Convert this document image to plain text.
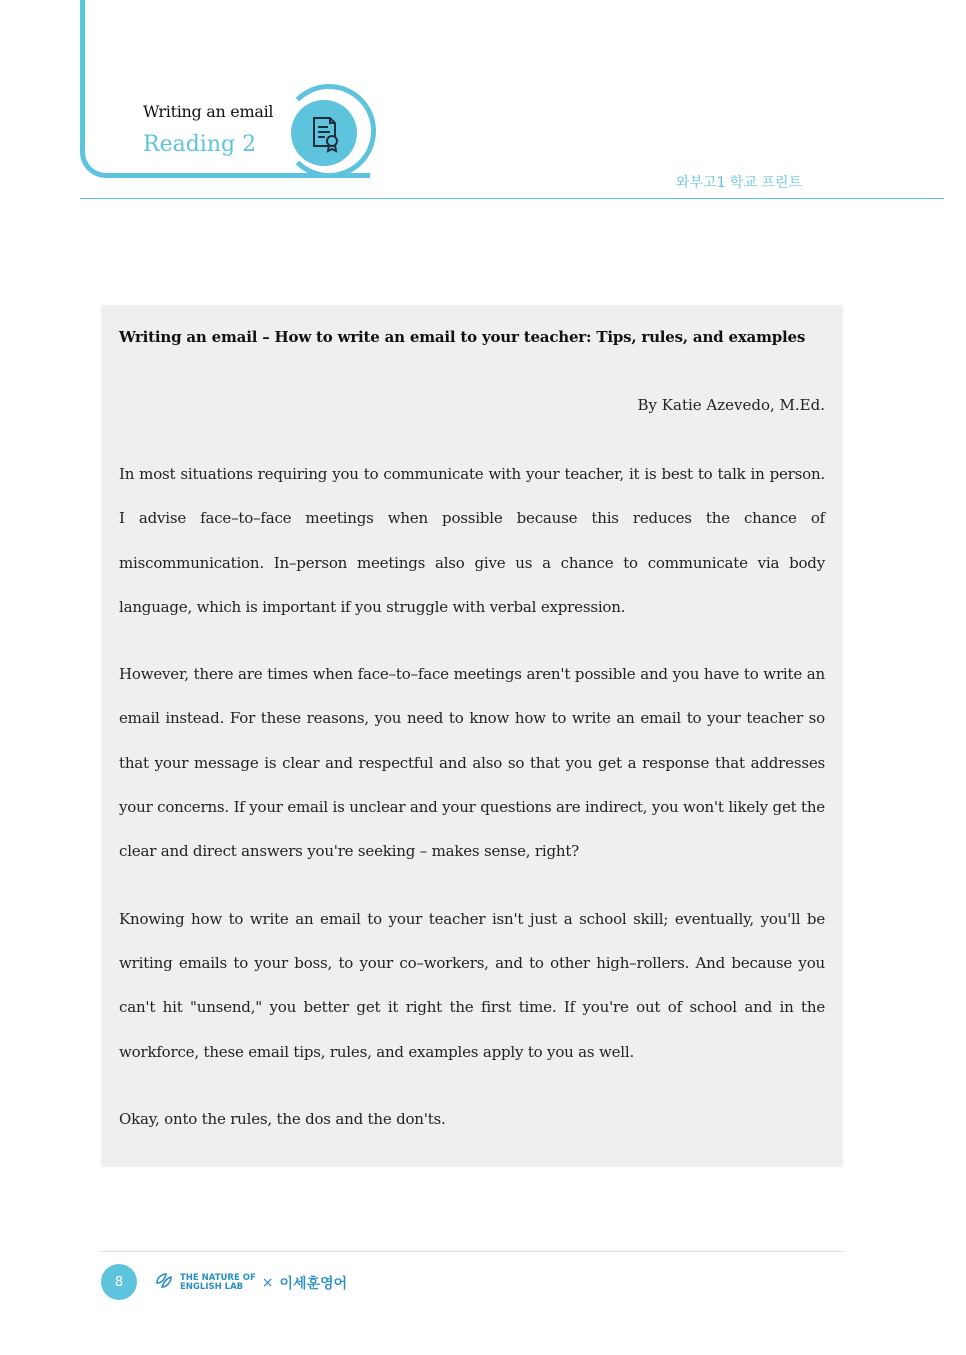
Writing an email
Reading 2
와부고1 학교 프린트

Writing an email – How to write an email to your teacher: Tips, rules, and examples

By Katie Azevedo, M.Ed.

In most situations requiring you to communicate with your teacher, it is best to talk in person. I advise face–to–face meetings when possible because this reduces the chance of miscommunication. In–person meetings also give us a chance to communicate via body language, which is important if you struggle with verbal expression.

However, there are times when face–to–face meetings aren't possible and you have to write an email instead. For these reasons, you need to know how to write an email to your teacher so that your message is clear and respectful and also so that you get a response that addresses your concerns. If your email is unclear and your questions are indirect, you won't likely get the clear and direct answers you're seeking – makes sense, right?

Knowing how to write an email to your teacher isn't just a school skill; eventually, you'll be writing emails to your boss, to your co–workers, and to other high–rollers. And because you can't hit "unsend," you better get it right the first time. If you're out of school and in the workforce, these email tips, rules, and examples apply to you as well.

Okay, onto the rules, the dos and the don'ts.

8	THE NATURE OF
ENGLISH LAB	× 이세훈영어
